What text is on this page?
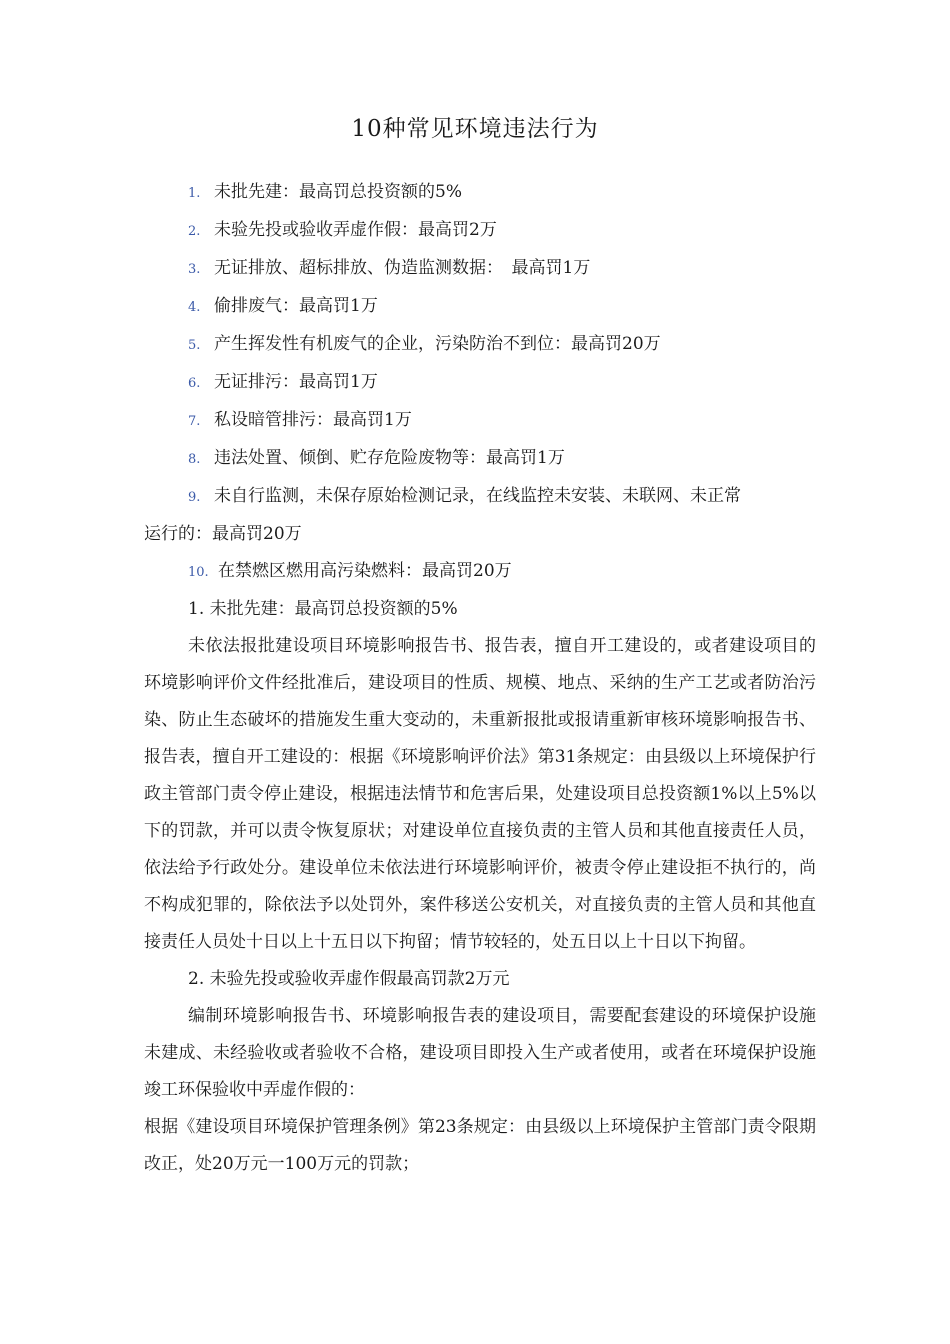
10种常见环境违法行为
1. 未批先建：最高罚总投资额的5%
2. 未验先投或验收弄虚作假：最高罚2万
3. 无证排放、超标排放、伪造监测数据：　最高罚1万
4. 偷排废气：最高罚1万
5. 产生挥发性有机废气的企业，污染防治不到位：最高罚20万
6. 无证排污：最高罚1万
7. 私设暗管排污：最高罚1万
8. 违法处置、倾倒、贮存危险废物等：最高罚1万
9. 未自行监测，未保存原始检测记录，在线监控未安装、未联网、未正常
运行的：最高罚20万
10. 在禁燃区燃用高污染燃料：最高罚20万
1. 未批先建：最高罚总投资额的5%
未依法报批建设项目环境影响报告书、报告表，擅自开工建设的，或者建设项目的环境影响评价文件经批准后，建设项目的性质、规模、地点、采纳的生产工艺或者防治污染、防止生态破坏的措施发生重大变动的，未重新报批或报请重新审核环境影响报告书、报告表，擅自开工建设的：根据《环境影响评价法》第31条规定：由县级以上环境保护行政主管部门责令停止建设，根据违法情节和危害后果，处建设项目总投资额1%以上5%以下的罚款，并可以责令恢复原状；对建设单位直接负责的主管人员和其他直接责任人员，依法给予行政处分。建设单位未依法进行环境影响评价，被责令停止建设拒不执行的，尚不构成犯罪的，除依法予以处罚外，案件移送公安机关，对直接负责的主管人员和其他直接责任人员处十日以上十五日以下拘留；情节较轻的，处五日以上十日以下拘留。
2. 未验先投或验收弄虚作假最高罚款2万元
编制环境影响报告书、环境影响报告表的建设项目，需要配套建设的环境保护设施未建成、未经验收或者验收不合格，建设项目即投入生产或者使用，或者在环境保护设施竣工环保验收中弄虚作假的：
根据《建设项目环境保护管理条例》第23条规定：由县级以上环境保护主管部门责令限期改正，处20万元一100万元的罚款；
